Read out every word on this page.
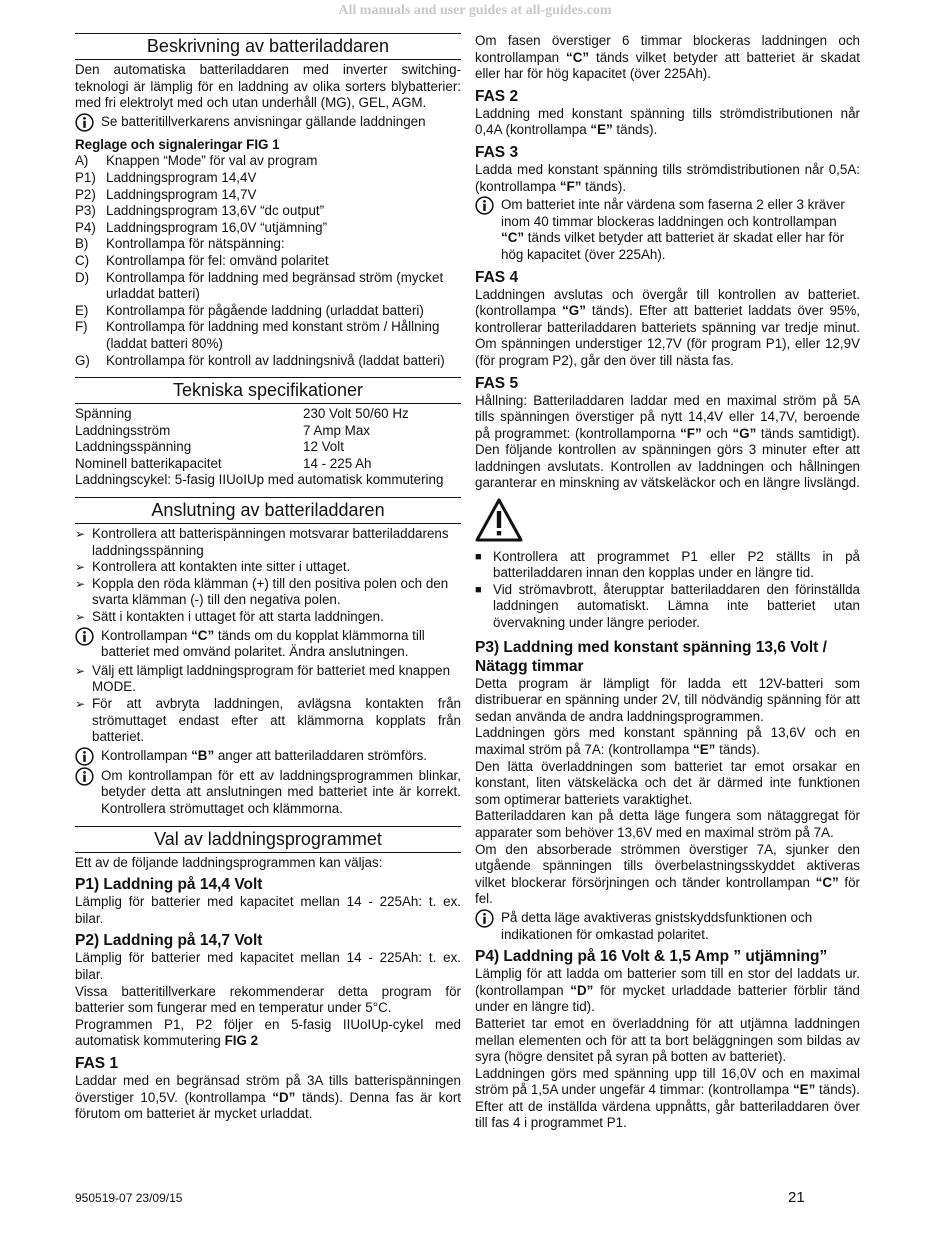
All manuals and user guides at all-guides.com
Beskrivning av batteriladdaren

Den automatiska batteriladdaren med inverter switching-teknologi är lämplig för en laddning av olika sorters blybatterier: med fri elektrolyt med och utan underhåll (MG), GEL, AGM.

Se batteritillverkarens anvisningar gällande laddningen

Reglage och signaleringar FIG 1

A)	Knappen “Mode” för val av program
P1) Laddningsprogram 14,4V
P2) Laddningsprogram 14,7V
P3) Laddningsprogram 13,6V “dc output”
P4) Laddningsprogram 16,0V “utjämning”
B)	Kontrollampa för nätspänning:
C)	Kontrollampa för fel: omvänd polaritet
D)	Kontrollampa för laddning med begränsad ström (mycket urladdat batteri)
E)	Kontrollampa för pågående laddning (urladdat batteri)
F)	Kontrollampa för laddning med konstant ström / Hållning (laddat batteri 80%)
G)	Kontrollampa för kontroll av laddningsnivå (laddat batteri)
Tekniska specifikationer
Spänning	230 Volt 50/60 Hz
Laddningsström	7 Amp Max
Laddningsspänning	12 Volt
Nominell batterikapacitet	14 - 225 Ah

Laddningscykel: 5-fasig IIUoIUp med automatisk kommutering

Anslutning av batteriladdaren
➢ Kontrollera att batterispänningen motsvarar batteriladdarens laddningsspänning
➢ Kontrollera att kontakten inte sitter i uttaget.
➢ Koppla den röda klämman (+) till den positiva polen och den svarta klämman (-) till den negativa polen.
➢ Sätt i kontakten i uttaget för att starta laddningen.

Kontrollampan “C” tänds om du kopplat klämmorna till batteriet med omvänd polaritet. Ändra anslutningen.

➢ Välj ett lämpligt laddningsprogram för batteriet med knappen MODE.
➢ För att avbryta laddningen, avlägsna kontakten från strömuttaget endast efter att klämmorna kopplats från batteriet.

Kontrollampan “B” anger att batteriladdaren strömförs.

Om kontrollampan för ett av laddningsprogrammen blinkar, betyder detta att anslutningen med batteriet inte är korrekt. Kontrollera strömuttaget och klämmorna.

Val av laddningsprogrammet

Ett av de följande laddningsprogrammen kan väljas:

P1) Laddning på 14,4 Volt

Lämplig för batterier med kapacitet mellan 14 - 225Ah: t. ex. bilar.

P2) Laddning på 14,7 Volt

Lämplig för batterier med kapacitet mellan 14 - 225Ah: t. ex. bilar.

Vissa batteritillverkare rekommenderar detta program för batterier som fungerar med en temperatur under 5°C.

Programmen P1, P2 följer en 5-fasig IIUoIUp-cykel med automatisk kommutering FIG 2

FAS 1

Laddar med en begränsad ström på 3A tills batterispänningen överstiger 10,5V. (kontrollampa “D” tänds). Denna fas är kort förutom om batteriet är mycket urladdat.

Om fasen överstiger 6 timmar blockeras laddningen och kontrollampan “C” tänds vilket betyder att batteriet är skadat eller har för hög kapacitet (över 225Ah).

FAS 2

Laddning med konstant spänning tills strömdistributionen når 0,4A (kontrollampa “E” tänds).

FAS 3

Ladda med konstant spänning tills strömdistributionen når 0,5A: (kontrollampa “F” tänds).

Om batteriet inte når värdena som faserna 2 eller 3 kräver inom 40 timmar blockeras laddningen och kontrollampan “C” tänds vilket betyder att batteriet är skadat eller har för hög kapacitet (över 225Ah).

FAS 4

Laddningen avslutas och övergår till kontrollen av batteriet. (kontrollampa “G” tänds). Efter att batteriet laddats över 95%, kontrollerar batteriladdaren batteriets spänning var tredje minut. Om spänningen understiger 12,7V (för program P1), eller 12,9V (för program P2), går den över till nästa fas.

FAS 5

Hållning: Batteriladdaren laddar med en maximal ström på 5A tills spänningen överstiger på nytt 14,4V eller 14,7V, beroende på programmet: (kontrollamporna “F” och “G” tänds samtidigt). Den följande kontrollen av spänningen görs 3 minuter efter att laddningen avslutats. Kontrollen av laddningen och hållningen garanterar en minskning av vätskeläckor och en längre livslängd.

■ Kontrollera att programmet P1 eller P2 ställts in på batteriladdaren innan den kopplas under en längre tid.
■ Vid strömavbrott, återupptar batteriladdaren den förinställda laddningen automatiskt. Lämna inte batteriet utan övervakning under längre perioder.

P3) Laddning med konstant spänning 13,6 Volt / Nätagg timmar

Detta program är lämpligt för ladda ett 12V-batteri som distribuerar en spänning under 2V, till nödvändig spänning för att sedan använda de andra laddningsprogrammen.

Laddningen görs med konstant spänning på 13,6V och en maximal ström på 7A: (kontrollampa “E” tänds).

Den lätta överladdningen som batteriet tar emot orsakar en konstant, liten vätskeläcka och det är därmed inte funktionen som optimerar batteriets varaktighet.

Batteriladdaren kan på detta läge fungera som nätaggregat för apparater som behöver 13,6V med en maximal ström på 7A.

Om den absorberade strömmen överstiger 7A, sjunker den utgående spänningen tills överbelastningsskyddet aktiveras vilket blockerar försörjningen och tänder kontrollampan “C” för fel.

På detta läge avaktiveras gnistskyddsfunktionen och indikationen för omkastad polaritet.

P4) Laddning på 16 Volt & 1,5 Amp ” utjämning”

Lämplig för att ladda om batterier som till en stor del laddats ur. (kontrollampan “D” för mycket urladdade batterier förblir tänd under en längre tid).

Batteriet tar emot en överladdning för att utjämna laddningen mellan elementen och för att ta bort beläggningen som bildas av syra (högre densitet på syran på botten av batteriet).

Laddningen görs med spänning upp till 16,0V och en maximal ström på 1,5A under ungefär 4 timmar: (kontrollampa “E” tänds). Efter att de inställda värdena uppnåtts, går batteriladdaren över till fas 4 i programmet P1.

950519-07 23/09/15	21
